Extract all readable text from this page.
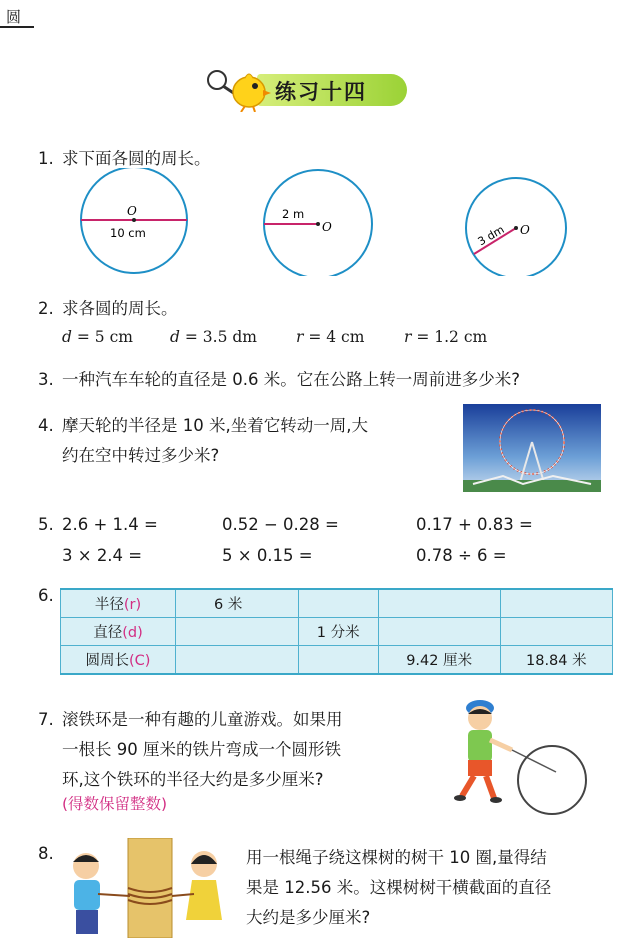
圆
练习十四
1. 求下面各圆的周长。
O
10 cm	O
2 m
O
3 dm
2. 求各圆的周长。
d = 5 cm d = 3.5 dm	r = 4 cm	r = 1.2 cm
3. 一种汽车车轮的直径是 0.6 米。它在公路上转一周前进多少米?
4. 摩天轮的半径是 10 米,坐着它转动一周,大
约在空中转过多少米?
5. 2.6 + 1.4 =	0.52 − 0.28 =	0.17 + 0.83 =
3 × 2.4 =	5 × 0.15 =	0.78 ÷ 6 =
6.	半径(r)	6 米			
直径(d)		1 分米		
圆周长(C)			9.42 厘米	18.84 米
7. 滚铁环是一种有趣的儿童游戏。如果用
一根长 90 厘米的铁片弯成一个圆形铁
环,这个铁环的半径大约是多少厘米?
(得数保留整数)
8.	用一根绳子绕这棵树的树干 10 圈,量得结
果是 12.56 米。这棵树树干横截面的直径
大约是多少厘米?
